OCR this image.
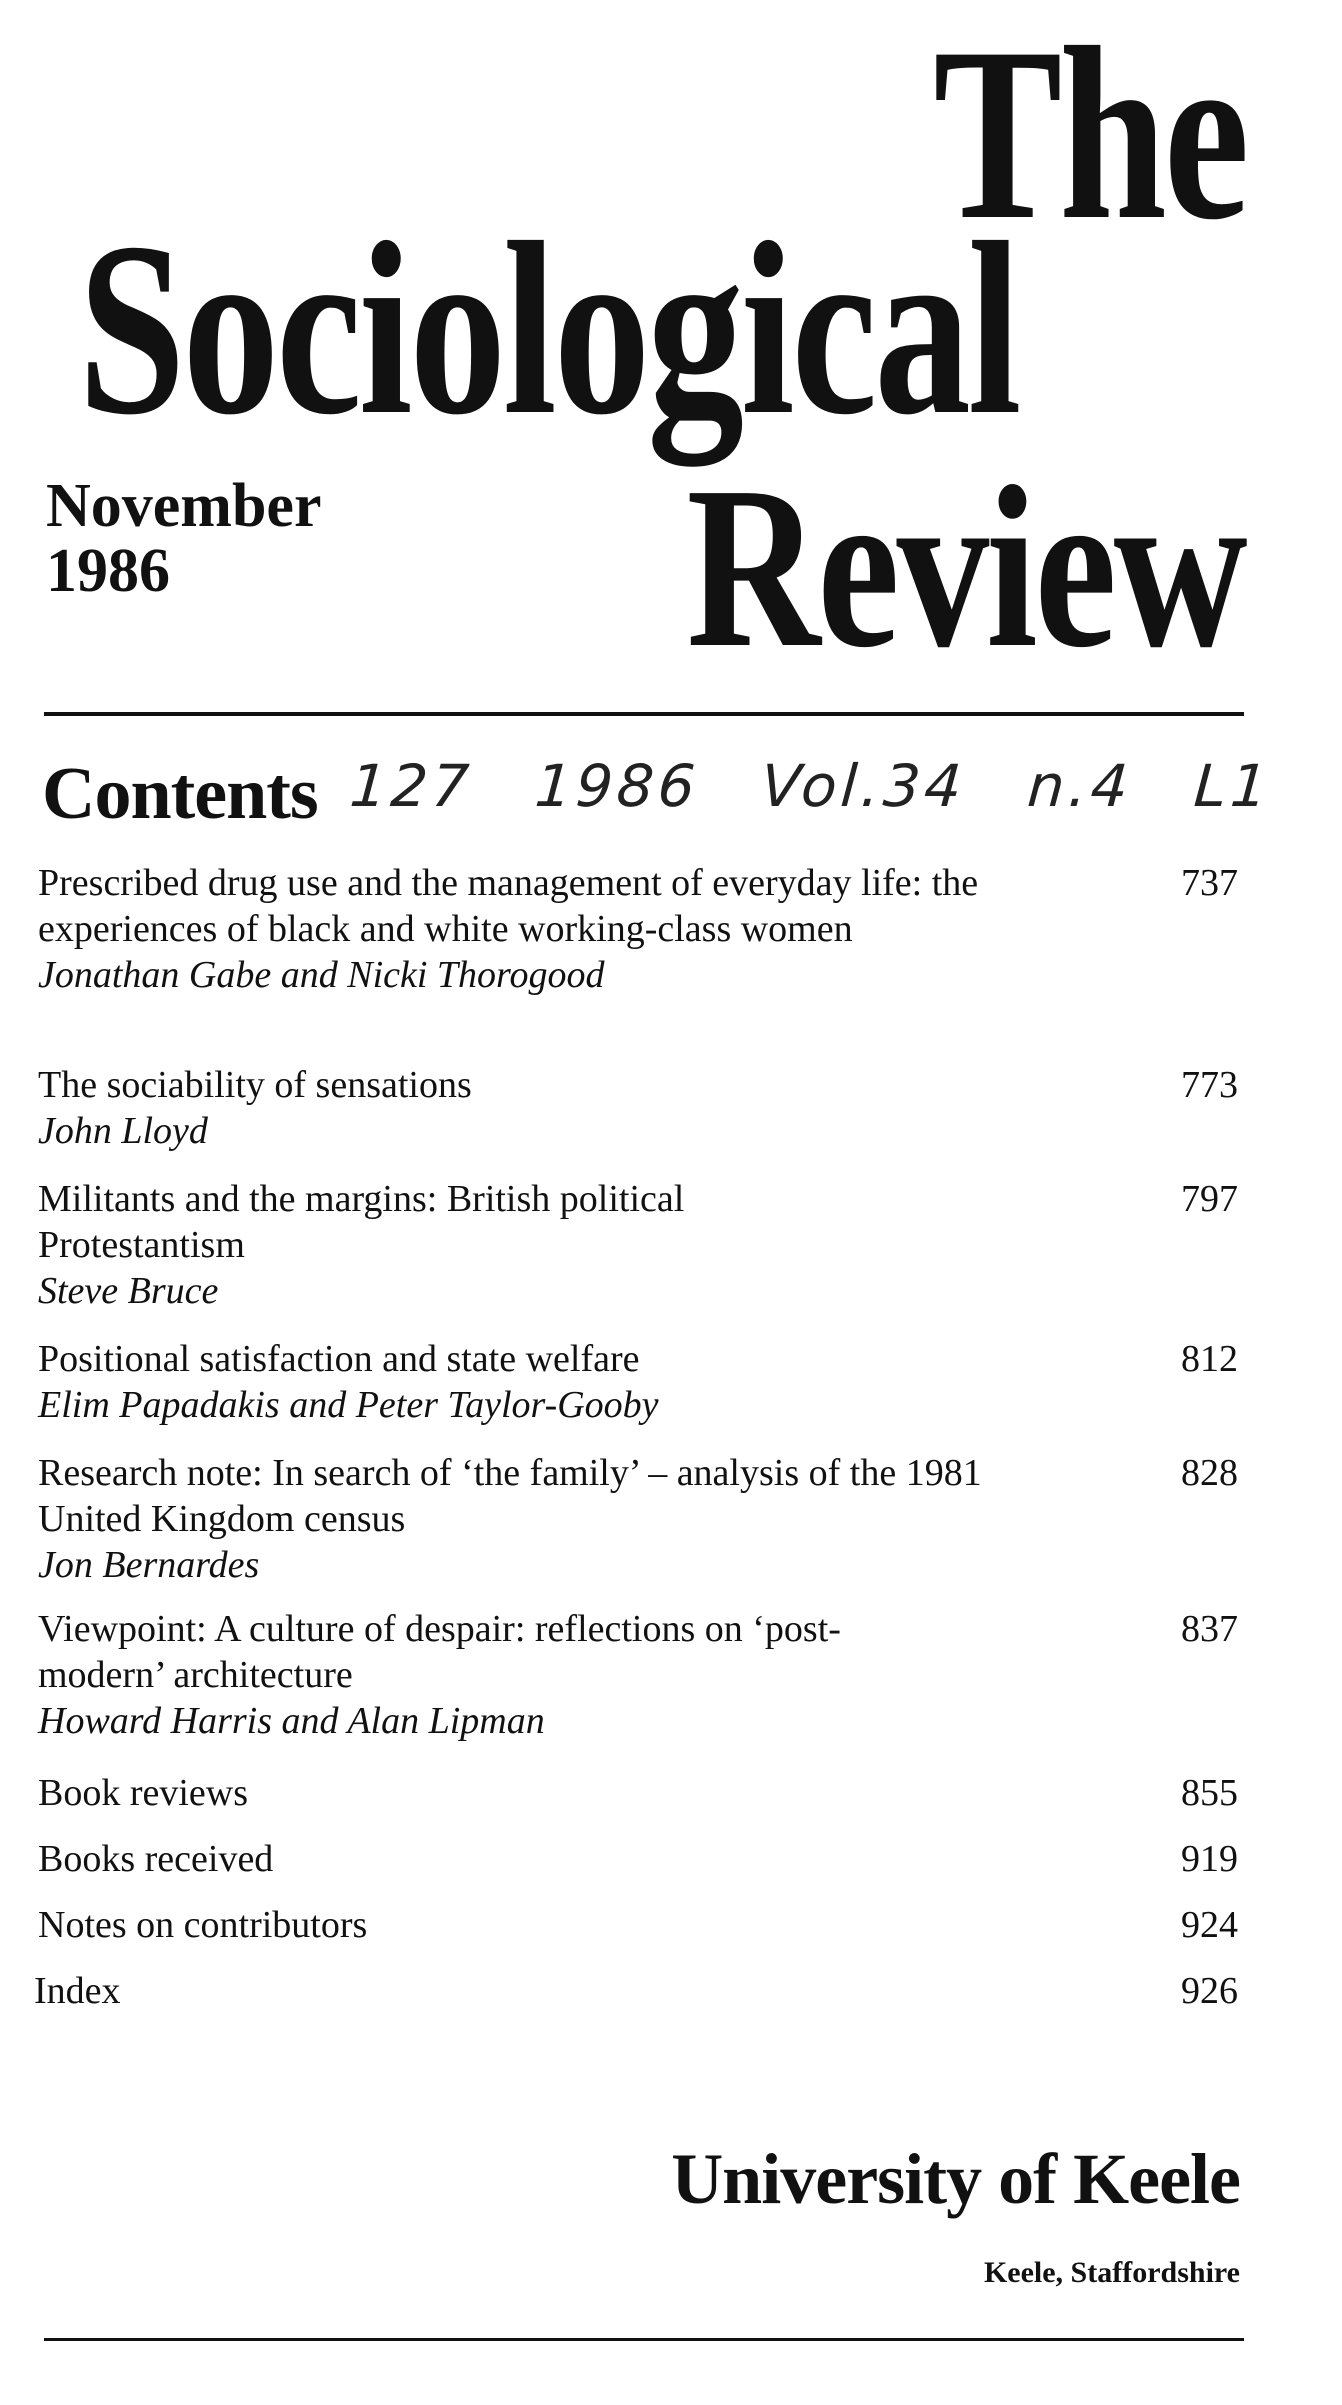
The
Sociological
Review
November
1986
Contents 127 1986 Vol.34 n.4 L1
Prescribed drug use and the management of everyday life: the experiences of black and white working-class women
Jonathan Gabe and Nicki Thorogood
737
The sociability of sensations
John Lloyd
773
Militants and the margins: British political Protestantism
Steve Bruce
797
Positional satisfaction and state welfare
Elim Papadakis and Peter Taylor-Gooby
812
Research note: In search of ‘the family’ – analysis of the 1981 United Kingdom census
Jon Bernardes
828
Viewpoint: A culture of despair: reflections on ‘post-modern’ architecture
Howard Harris and Alan Lipman
837
Book reviews	855
Books received	919
Notes on contributors	924
Index	926
University of Keele
Keele, Staffordshire
